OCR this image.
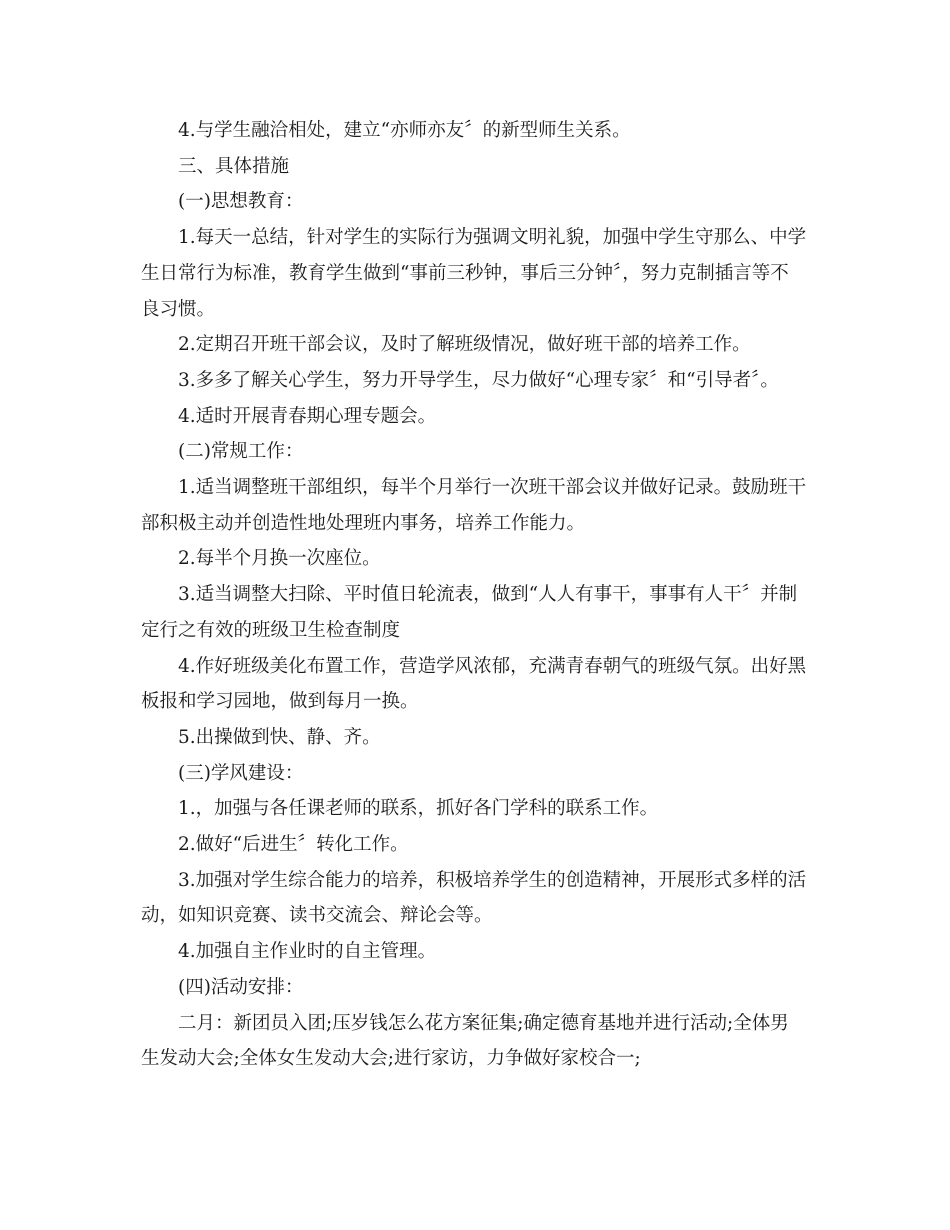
4.与学生融洽相处，建立“亦师亦友〞的新型师生关系。

三、具体措施

(一)思想教育：

1.每天一总结，针对学生的实际行为强调文明礼貌，加强中学生守那么、中学生日常行为标准，教育学生做到“事前三秒钟，事后三分钟〞，努力克制插言等不良习惯。

2.定期召开班干部会议，及时了解班级情况，做好班干部的培养工作。

3.多多了解关心学生，努力开导学生，尽力做好“心理专家〞和“引导者〞。

4.适时开展青春期心理专题会。

(二)常规工作：

1.适当调整班干部组织，每半个月举行一次班干部会议并做好记录。鼓励班干部积极主动并创造性地处理班内事务，培养工作能力。

2.每半个月换一次座位。

3.适当调整大扫除、平时值日轮流表，做到“人人有事干，事事有人干〞并制定行之有效的班级卫生检查制度

4.作好班级美化布置工作，营造学风浓郁，充满青春朝气的班级气氛。出好黑板报和学习园地，做到每月一换。

5.出操做到快、静、齐。

(三)学风建设：

1.，加强与各任课老师的联系，抓好各门学科的联系工作。

2.做好“后进生〞转化工作。

3.加强对学生综合能力的培养，积极培养学生的创造精神，开展形式多样的活动，如知识竞赛、读书交流会、辩论会等。

4.加强自主作业时的自主管理。

(四)活动安排：

二月：新团员入团;压岁钱怎么花方案征集;确定德育基地并进行活动;全体男生发动大会;全体女生发动大会;进行家访，力争做好家校合一;
